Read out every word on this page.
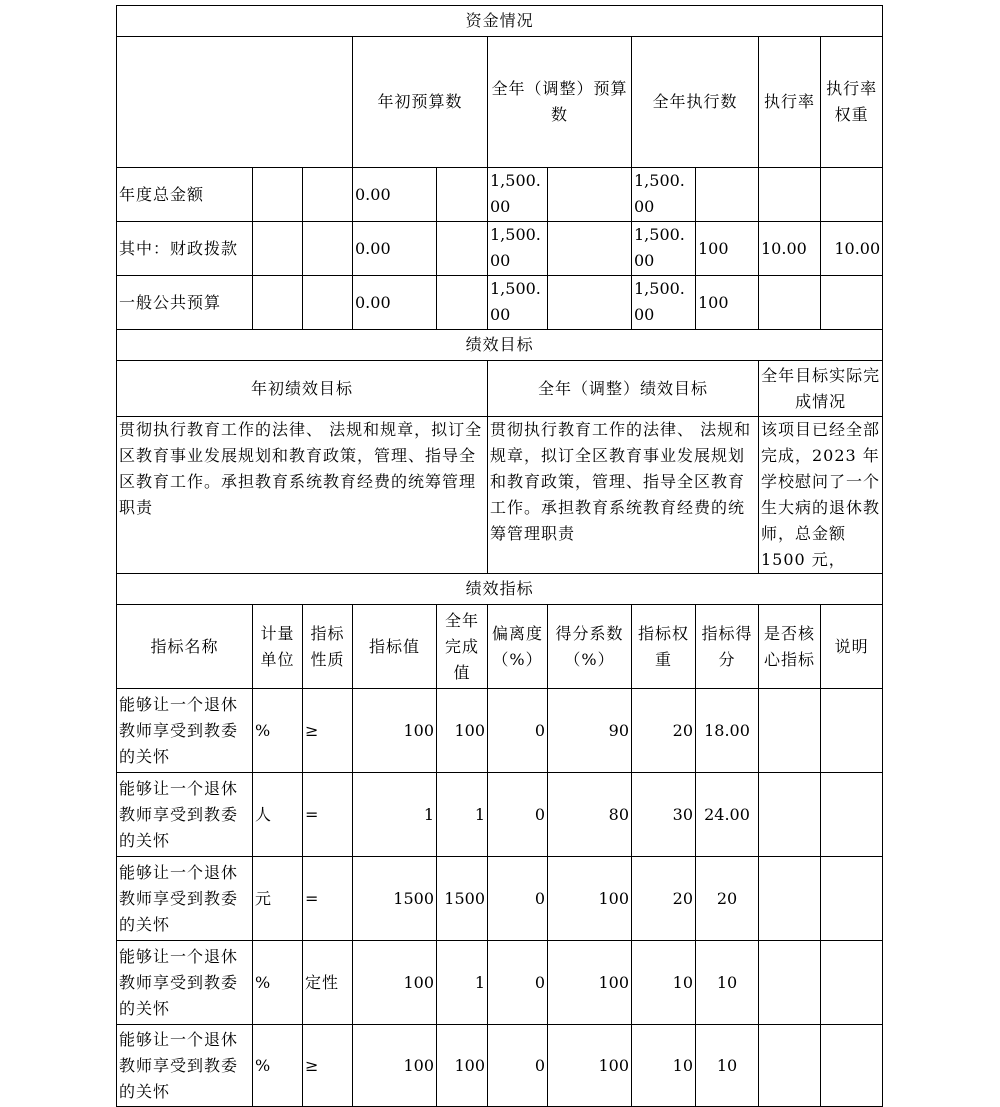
资金情况											
			年初预算数		全年（调整）预算数		全年执行数		执行率	执行率权重	
年度总金额			0.00		1,500.00		1,500.00				
其中：财政拨款			0.00		1,500.00		1,500.00	100	10.00	10.00	
一般公共预算			0.00		1,500.00		1,500.00	100			
绩效目标											
年初绩效目标					全年（调整）绩效目标				全年目标实际完成情况		
贯彻执行教育工作的法律、 法规和规章，拟订全区教育事业发展规划和教育政策，管理、指导全区教育工作。承担教育系统教育经费的统筹管理职责					贯彻执行教育工作的法律、 法规和规章，拟订全区教育事业发展规划和教育政策，管理、指导全区教育工作。承担教育系统教育经费的统筹管理职责				该项目已经全部完成，2023 年学校慰问了一个生大病的退休教师，总金额 1500 元，		
绩效指标											
指标名称	计量单位	指标性质	指标值	全年完成值	偏离度（%）	得分系数（%）	指标权重	指标得分	是否核心指标	说明	
能够让一个退休教师享受到教委的关怀	%	≥	100	100	0	90	20	18.00			
能够让一个退休教师享受到教委的关怀	人	=	1	1	0	80	30	24.00			
能够让一个退休教师享受到教委的关怀	元	=	1500	1500	0	100	20	20			
能够让一个退休教师享受到教委的关怀	%	定性	100	1	0	100	10	10			
能够让一个退休教师享受到教委的关怀	%	≥	100	100	0	100	10	10			
